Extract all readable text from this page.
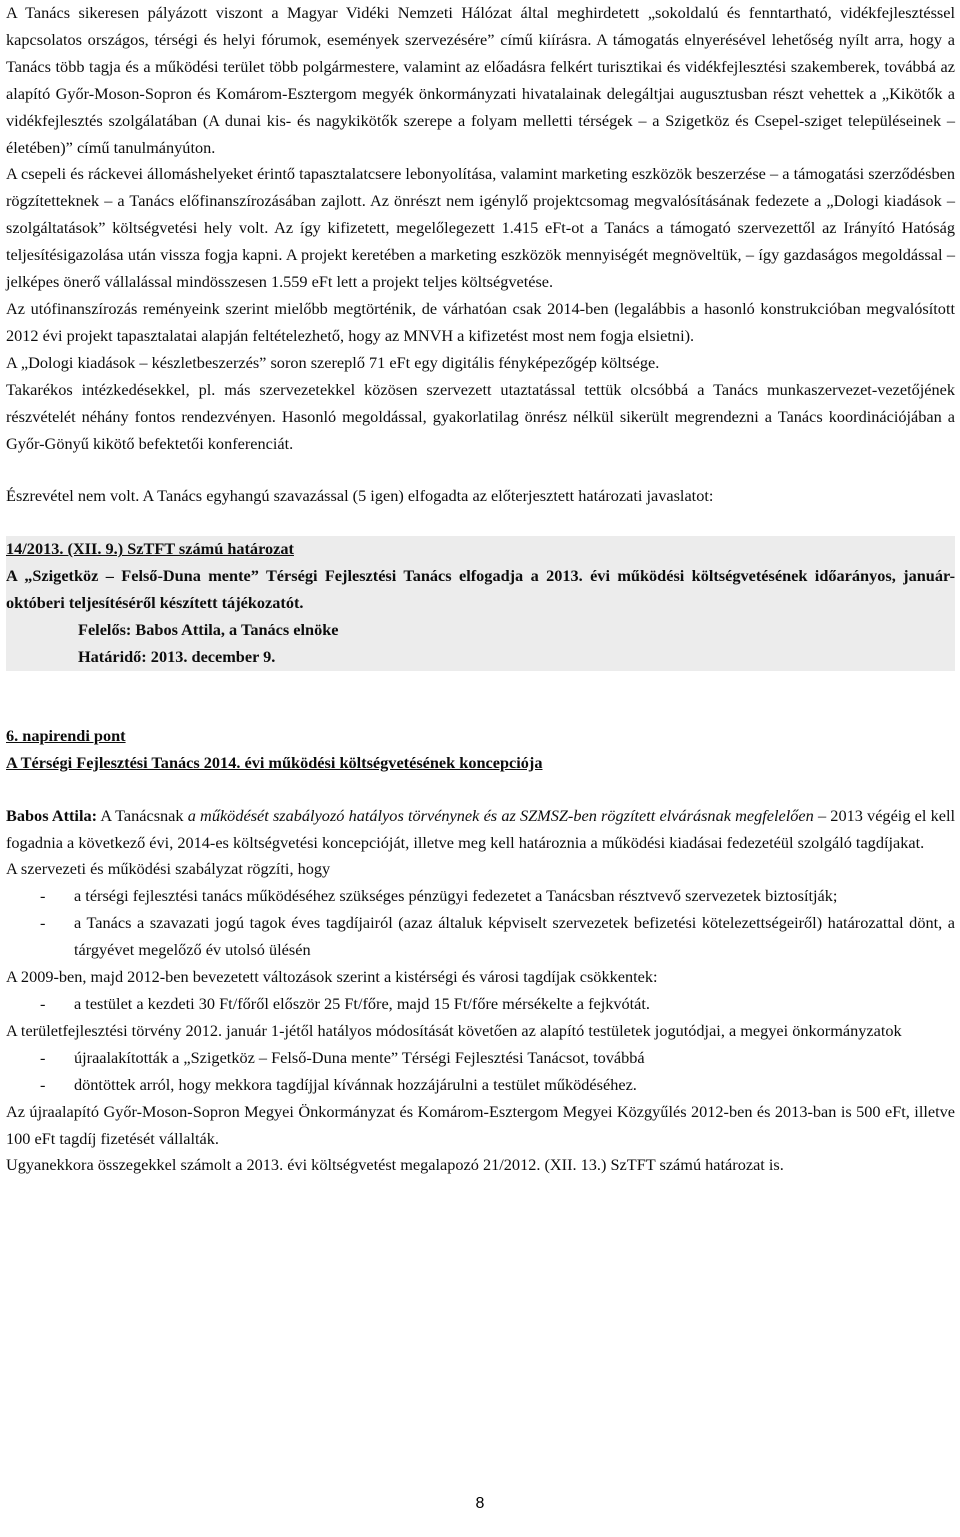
A Tanács sikeresen pályázott viszont a Magyar Vidéki Nemzeti Hálózat által meghirdetett „sokoldalú és fenntartható, vidékfejlesztéssel kapcsolatos országos, térségi és helyi fórumok, események szervezésére” című kiírásra. A támogatás elnyerésével lehetőség nyílt arra, hogy a Tanács több tagja és a működési terület több polgármestere, valamint az előadásra felkért turisztikai és vidékfejlesztési szakemberek, továbbá az alapító Győr-Moson-Sopron és Komárom-Esztergom megyék önkormányzati hivatalainak delegáltjai augusztusban részt vehettek a „Kikötők a vidékfejlesztés szolgálatában (A dunai kis- és nagykikötők szerepe a folyam melletti térségek – a Szigetköz és Csepel-sziget településeinek – életében)” című tanulmányúton.

A csepeli és ráckevei állomáshelyeket érintő tapasztalatcsere lebonyolítása, valamint marketing eszközök beszerzése – a támogatási szerződésben rögzítetteknek – a Tanács előfinanszírozásában zajlott. Az önrészt nem igénylő projektcsomag megvalósításának fedezete a „Dologi kiadások – szolgáltatások” költségvetési hely volt. Az így kifizetett, megelőlegezett 1.415 eFt-ot a Tanács a támogató szervezettől az Irányító Hatóság teljesítésigazolása után vissza fogja kapni. A projekt keretében a marketing eszközök mennyiségét megnöveltük, – így gazdaságos megoldással – jelképes önerő vállalással mindösszesen 1.559 eFt lett a projekt teljes költségvetése.

Az utófinanszírozás reményeink szerint mielőbb megtörténik, de várhatóan csak 2014-ben (legalábbis a hasonló konstrukcióban megvalósított 2012 évi projekt tapasztalatai alapján feltételezhető, hogy az MNVH a kifizetést most nem fogja elsietni).

A „Dologi kiadások – készletbeszerzés” soron szereplő 71 eFt egy digitális fényképezőgép költsége.

Takarékos intézkedésekkel, pl. más szervezetekkel közösen szervezett utaztatással tettük olcsóbbá a Tanács munkaszervezet-vezetőjének részvételét néhány fontos rendezvényen. Hasonló megoldással, gyakorlatilag önrész nélkül sikerült megrendezni a Tanács koordinációjában a Győr-Gönyű kikötő befektetői konferenciát.

Észrevétel nem volt. A Tanács egyhangú szavazással (5 igen) elfogadta az előterjesztett határozati javaslatot:

14/2013. (XII. 9.) SzTFT számú határozat

A „Szigetköz – Felső-Duna mente” Térségi Fejlesztési Tanács elfogadja a 2013. évi működési költségvetésének időarányos, január-októberi teljesítéséről készített tájékozatót.

Felelős: Babos Attila, a Tanács elnöke

Határidő: 2013. december 9.

6. napirendi pont

A Térségi Fejlesztési Tanács 2014. évi működési költségvetésének koncepciója

Babos Attila: A Tanácsnak a működését szabályozó hatályos törvénynek és az SZMSZ-ben rögzített elvárásnak megfelelően – 2013 végéig el kell fogadnia a következő évi, 2014-es költségvetési koncepcióját, illetve meg kell határoznia a működési kiadásai fedezetéül szolgáló tagdíjakat.

A szervezeti és működési szabályzat rögzíti, hogy

-	a térségi fejlesztési tanács működéséhez szükséges pénzügyi fedezetet a Tanácsban résztvevő szervezetek biztosítják;
-	a Tanács a szavazati jogú tagok éves tagdíjairól (azaz általuk képviselt szervezetek befizetési kötelezettségeiről) határozattal dönt, a tárgyévet megelőző év utolsó ülésén

A 2009-ben, majd 2012-ben bevezetett változások szerint a kistérségi és városi tagdíjak csökkentek:

-	a testület a kezdeti 30 Ft/főről először 25 Ft/főre, majd 15 Ft/főre mérsékelte a fejkvótát.

A területfejlesztési törvény 2012. január 1-jétől hatályos módosítását követően az alapító testületek jogutódjai, a megyei önkormányzatok

-	újraalakították a „Szigetköz – Felső-Duna mente” Térségi Fejlesztési Tanácsot, továbbá
-	döntöttek arról, hogy mekkora tagdíjjal kívánnak hozzájárulni a testület működéséhez.

Az újraalapító Győr-Moson-Sopron Megyei Önkormányzat és Komárom-Esztergom Megyei Közgyűlés 2012-ben és 2013-ban is 500 eFt, illetve 100 eFt tagdíj fizetését vállalták.

Ugyanekkora összegekkel számolt a 2013. évi költségvetést megalapozó 21/2012. (XII. 13.) SzTFT számú határozat is.

8
